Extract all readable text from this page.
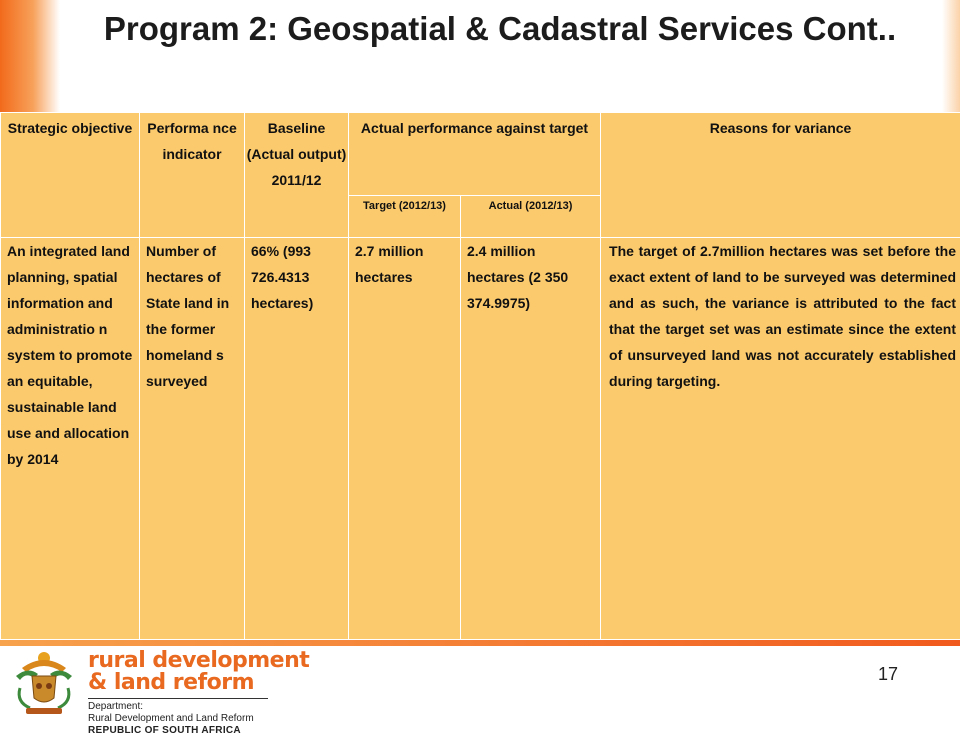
Program 2: Geospatial & Cadastral Services Cont..
Strategic objective	Performa nce indicator	Baseline (Actual output) 2011/12	Actual performance against target		Reasons for variance
			Target (2012/13)	Actual (2012/13)	
An integrated land planning, spatial information and administratio n system to promote an equitable, sustainable land use and allocation by 2014	Number of hectares of State land in the former homeland s surveyed	66% (993 726.4313 hectares)	2.7 million hectares	2.4 million hectares (2 350 374.9975)	The target of 2.7million hectares was set before the exact extent of land to be surveyed was determined and as such, the variance is attributed to the fact that the target set was an estimate since the extent of unsurveyed land was not accurately established during targeting.
rural development
& land reform
Department:
Rural Development and Land Reform
REPUBLIC OF SOUTH AFRICA
17
